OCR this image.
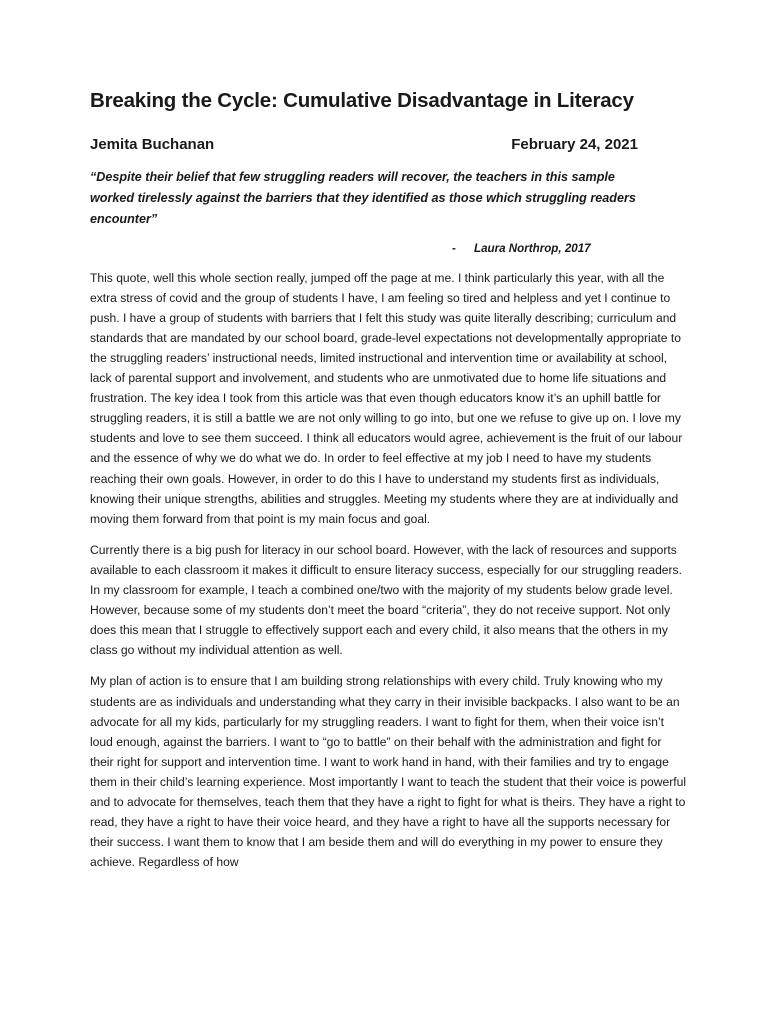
Breaking the Cycle: Cumulative Disadvantage in Literacy
Jemita Buchanan	February 24, 2021

“Despite their belief that few struggling readers will recover, the teachers in this sample worked tirelessly against the barriers that they identified as those which struggling readers encounter”

- Laura Northrop, 2017

This quote, well this whole section really, jumped off the page at me. I think particularly this year, with all the extra stress of covid and the group of students I have, I am feeling so tired and helpless and yet I continue to push. I have a group of students with barriers that I felt this study was quite literally describing; curriculum and standards that are mandated by our school board, grade-level expectations not developmentally appropriate to the struggling readers’ instructional needs, limited instructional and intervention time or availability at school, lack of parental support and involvement, and students who are unmotivated due to home life situations and frustration. The key idea I took from this article was that even though educators know it’s an uphill battle for struggling readers, it is still a battle we are not only willing to go into, but one we refuse to give up on. I love my students and love to see them succeed. I think all educators would agree, achievement is the fruit of our labour and the essence of why we do what we do. In order to feel effective at my job I need to have my students reaching their own goals. However, in order to do this I have to understand my students first as individuals, knowing their unique strengths, abilities and struggles. Meeting my students where they are at individually and moving them forward from that point is my main focus and goal.

Currently there is a big push for literacy in our school board. However, with the lack of resources and supports available to each classroom it makes it difficult to ensure literacy success, especially for our struggling readers. In my classroom for example, I teach a combined one/two with the majority of my students below grade level. However, because some of my students don’t meet the board “criteria”, they do not receive support. Not only does this mean that I struggle to effectively support each and every child, it also means that the others in my class go without my individual attention as well.

My plan of action is to ensure that I am building strong relationships with every child. Truly knowing who my students are as individuals and understanding what they carry in their invisible backpacks. I also want to be an advocate for all my kids, particularly for my struggling readers. I want to fight for them, when their voice isn’t loud enough, against the barriers. I want to “go to battle” on their behalf with the administration and fight for their right for support and intervention time. I want to work hand in hand, with their families and try to engage them in their child’s learning experience. Most importantly I want to teach the student that their voice is powerful and to advocate for themselves, teach them that they have a right to fight for what is theirs. They have a right to read, they have a right to have their voice heard, and they have a right to have all the supports necessary for their success. I want them to know that I am beside them and will do everything in my power to ensure they achieve. Regardless of how
